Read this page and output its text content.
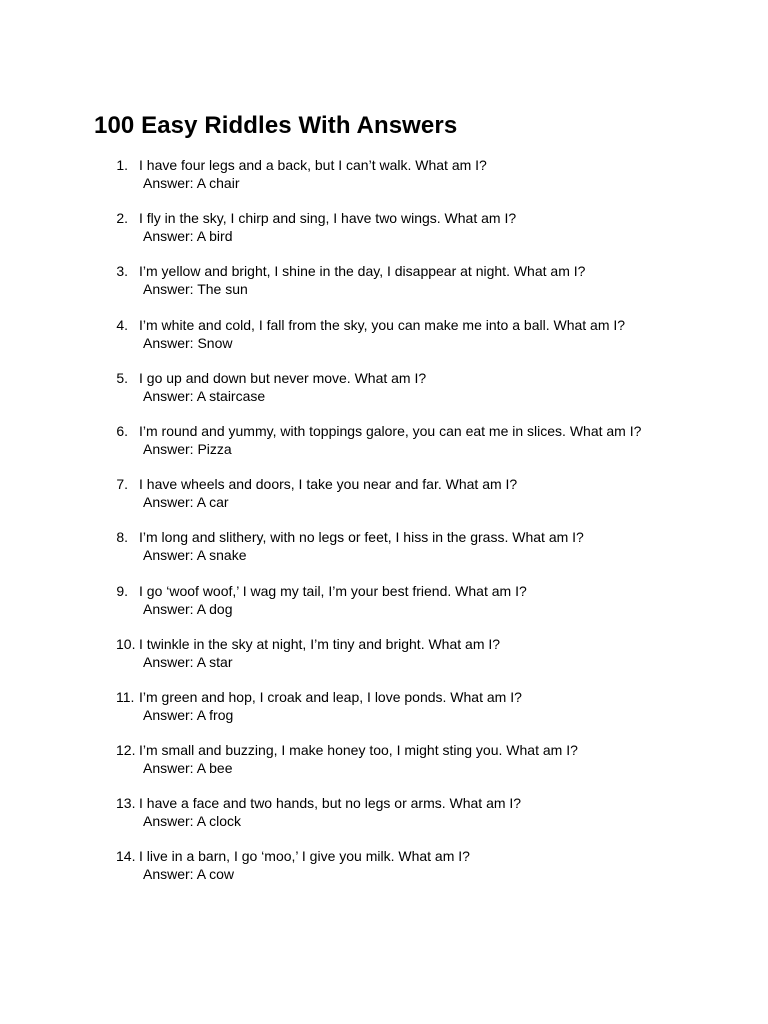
100 Easy Riddles With Answers
1. I have four legs and a back, but I can’t walk. What am I?
Answer: A chair
2. I fly in the sky, I chirp and sing, I have two wings. What am I?
Answer: A bird
3. I’m yellow and bright, I shine in the day, I disappear at night. What am I?
Answer: The sun
4. I’m white and cold, I fall from the sky, you can make me into a ball. What am I?
Answer: Snow
5. I go up and down but never move. What am I?
Answer: A staircase
6. I’m round and yummy, with toppings galore, you can eat me in slices. What am I?
Answer: Pizza
7. I have wheels and doors, I take you near and far. What am I?
Answer: A car
8. I’m long and slithery, with no legs or feet, I hiss in the grass. What am I?
Answer: A snake
9. I go ‘woof woof,’ I wag my tail, I’m your best friend. What am I?
Answer: A dog
10. I twinkle in the sky at night, I’m tiny and bright. What am I?
Answer: A star
11. I’m green and hop, I croak and leap, I love ponds. What am I?
Answer: A frog
12. I’m small and buzzing, I make honey too, I might sting you. What am I?
Answer: A bee
13. I have a face and two hands, but no legs or arms. What am I?
Answer: A clock
14. I live in a barn, I go ‘moo,’ I give you milk. What am I?
Answer: A cow
